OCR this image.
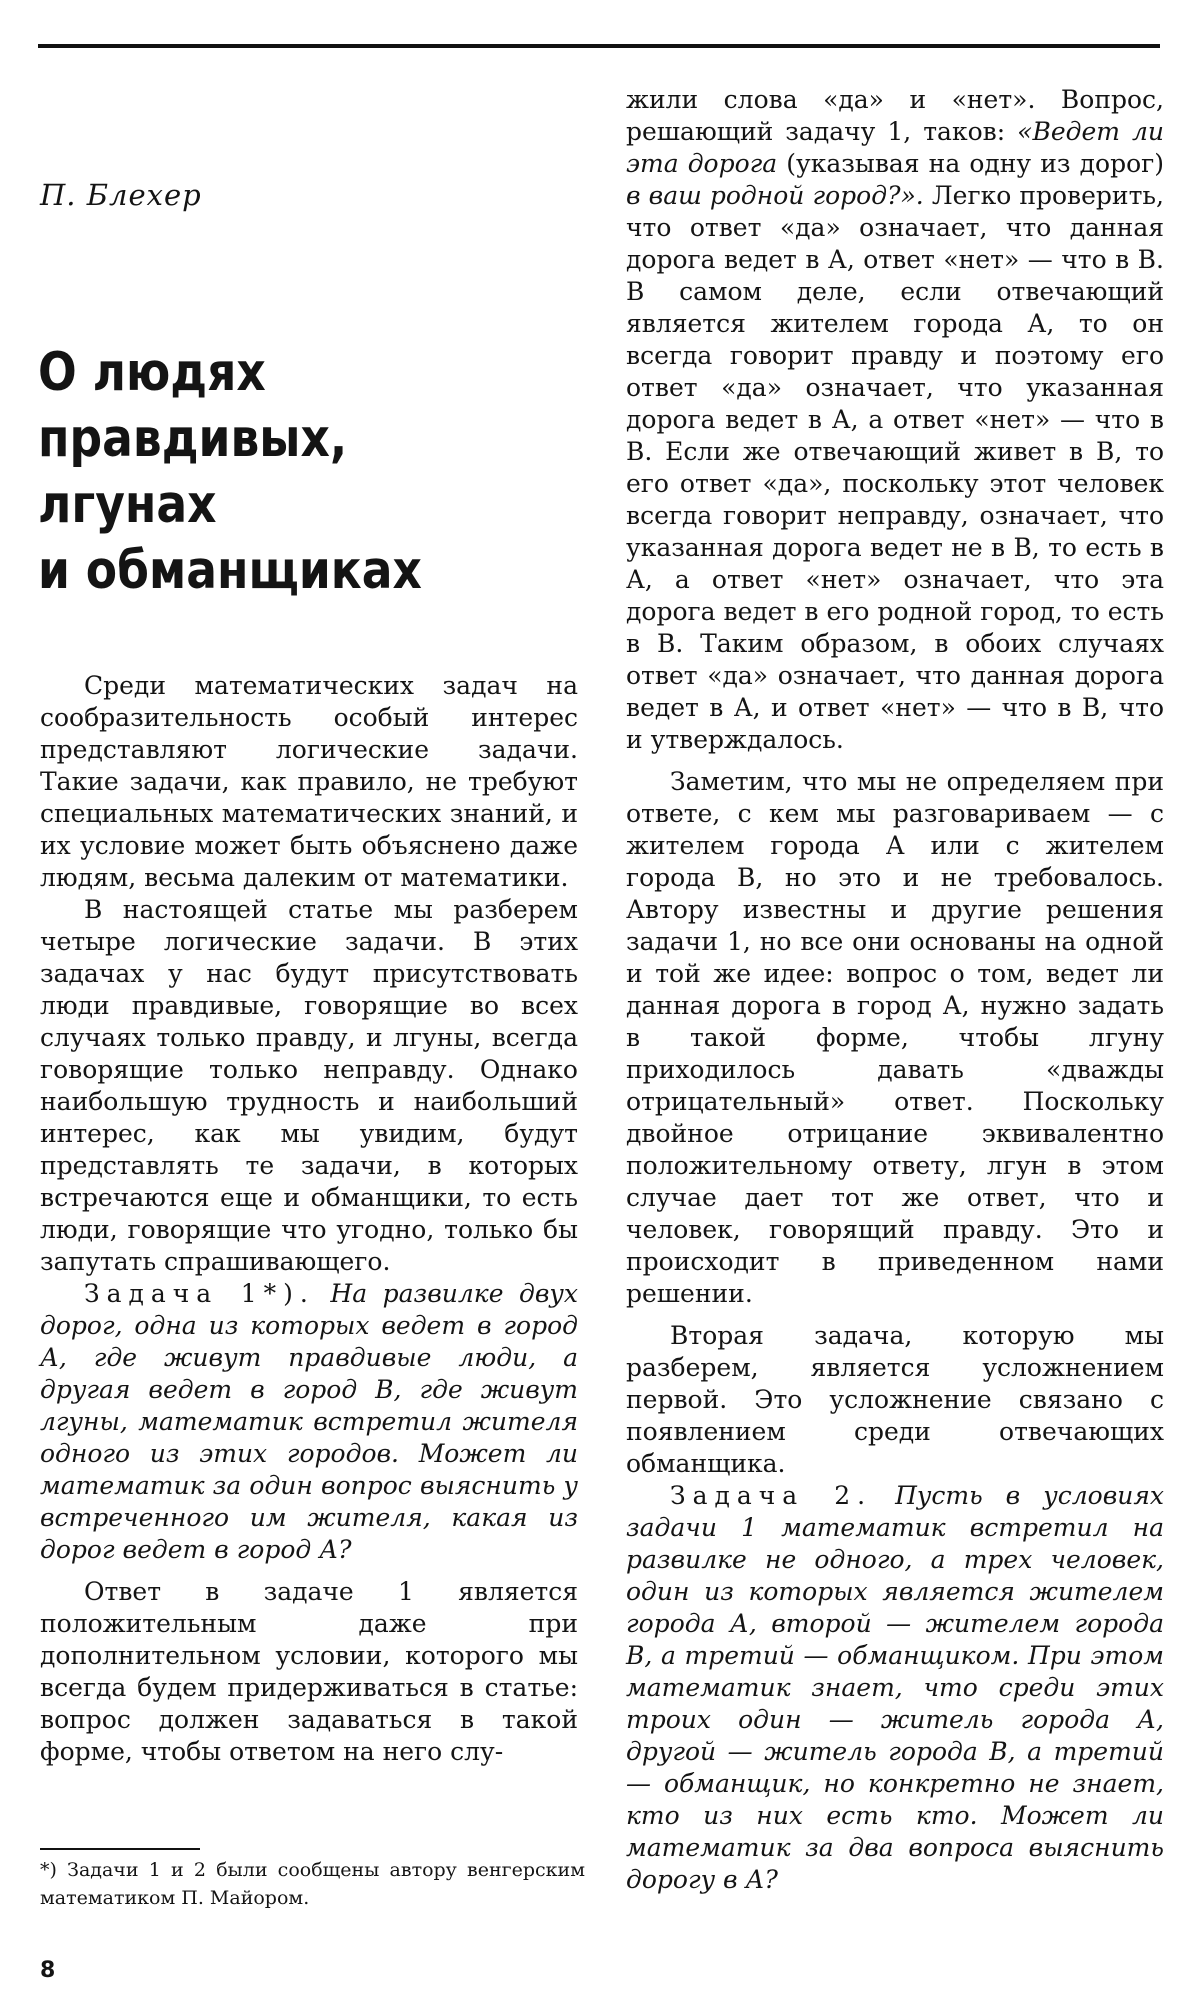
П. Блехер
О людях
правдивых,
лгунах
и обманщиках

Среди математических задач на сообразительность особый интерес представляют логические задачи. Такие задачи, как правило, не требуют специальных математических знаний, и их условие может быть объяснено даже людям, весьма далеким от математики.

В настоящей статье мы разберем четыре логические задачи. В этих задачах у нас будут присутствовать люди правдивые, говорящие во всех случаях только правду, и лгуны, всегда говорящие только неправду. Однако наибольшую трудность и наибольший интерес, как мы увидим, будут представлять те задачи, в которых встречаются еще и обманщики, то есть люди, говорящие что угодно, только бы запутать спрашивающего.

Задача 1*). На развилке двух дорог, одна из которых ведет в город А, где живут правдивые люди, а другая ведет в город В, где живут лгуны, математик встретил жителя одного из этих городов. Может ли математик за один вопрос выяснить у встреченного им жителя, какая из дорог ведет в город А?

Ответ в задаче 1 является положительным даже при дополнительном условии, которого мы всегда будем придерживаться в статье: вопрос должен задаваться в такой форме, чтобы ответом на него слу-

жили слова «да» и «нет». Вопрос, решающий задачу 1, таков: «Ведет ли эта дорога (указывая на одну из дорог) в ваш родной город?». Легко проверить, что ответ «да» означает, что данная дорога ведет в А, ответ «нет» — что в В. В самом деле, если отвечающий является жителем города А, то он всегда говорит правду и поэтому его ответ «да» означает, что указанная дорога ведет в А, а ответ «нет» — что в В. Если же отвечающий живет в В, то его ответ «да», поскольку этот человек всегда говорит неправду, означает, что указанная дорога ведет не в В, то есть в А, а ответ «нет» означает, что эта дорога ведет в его родной город, то есть в В. Таким образом, в обоих случаях ответ «да» означает, что данная дорога ведет в А, и ответ «нет» — что в В, что и утверждалось.

Заметим, что мы не определяем при ответе, с кем мы разговариваем — с жителем города А или с жителем города В, но это и не требовалось. Автору известны и другие решения задачи 1, но все они основаны на одной и той же идее: вопрос о том, ведет ли данная дорога в город А, нужно задать в такой форме, чтобы лгуну приходилось давать «дважды отрицательный» ответ. Поскольку двойное отрицание эквивалентно положительному ответу, лгун в этом случае дает тот же ответ, что и человек, говорящий правду. Это и происходит в приведенном нами решении.

Вторая задача, которую мы разберем, является усложнением первой. Это усложнение связано с появлением среди отвечающих обманщика.

Задача 2. Пусть в условиях задачи 1 математик встретил на развилке не одного, а трех человек, один из которых является жителем города А, второй — жителем города В, а третий — обманщиком. При этом математик знает, что среди этих троих один — житель города А, другой — житель города В, а третий — обманщик, но конкретно не знает, кто из них есть кто. Может ли математик за два вопроса выяснить дорогу в А?

*) Задачи 1 и 2 были сообщены автору венгерским математиком П. Майором.
8
